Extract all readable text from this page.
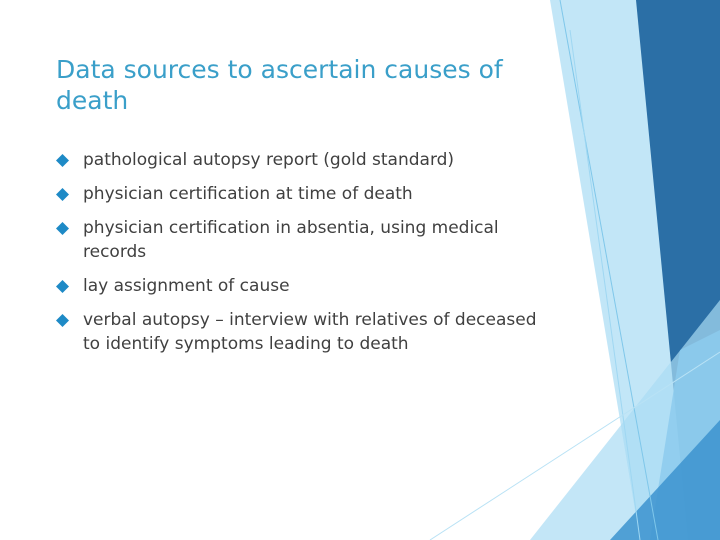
Data sources to ascertain causes of death
pathological autopsy report (gold standard)
physician certification at time of death
physician certification in absentia, using medical records
lay assignment of cause
verbal autopsy – interview with relatives of deceased to identify symptoms leading to death
